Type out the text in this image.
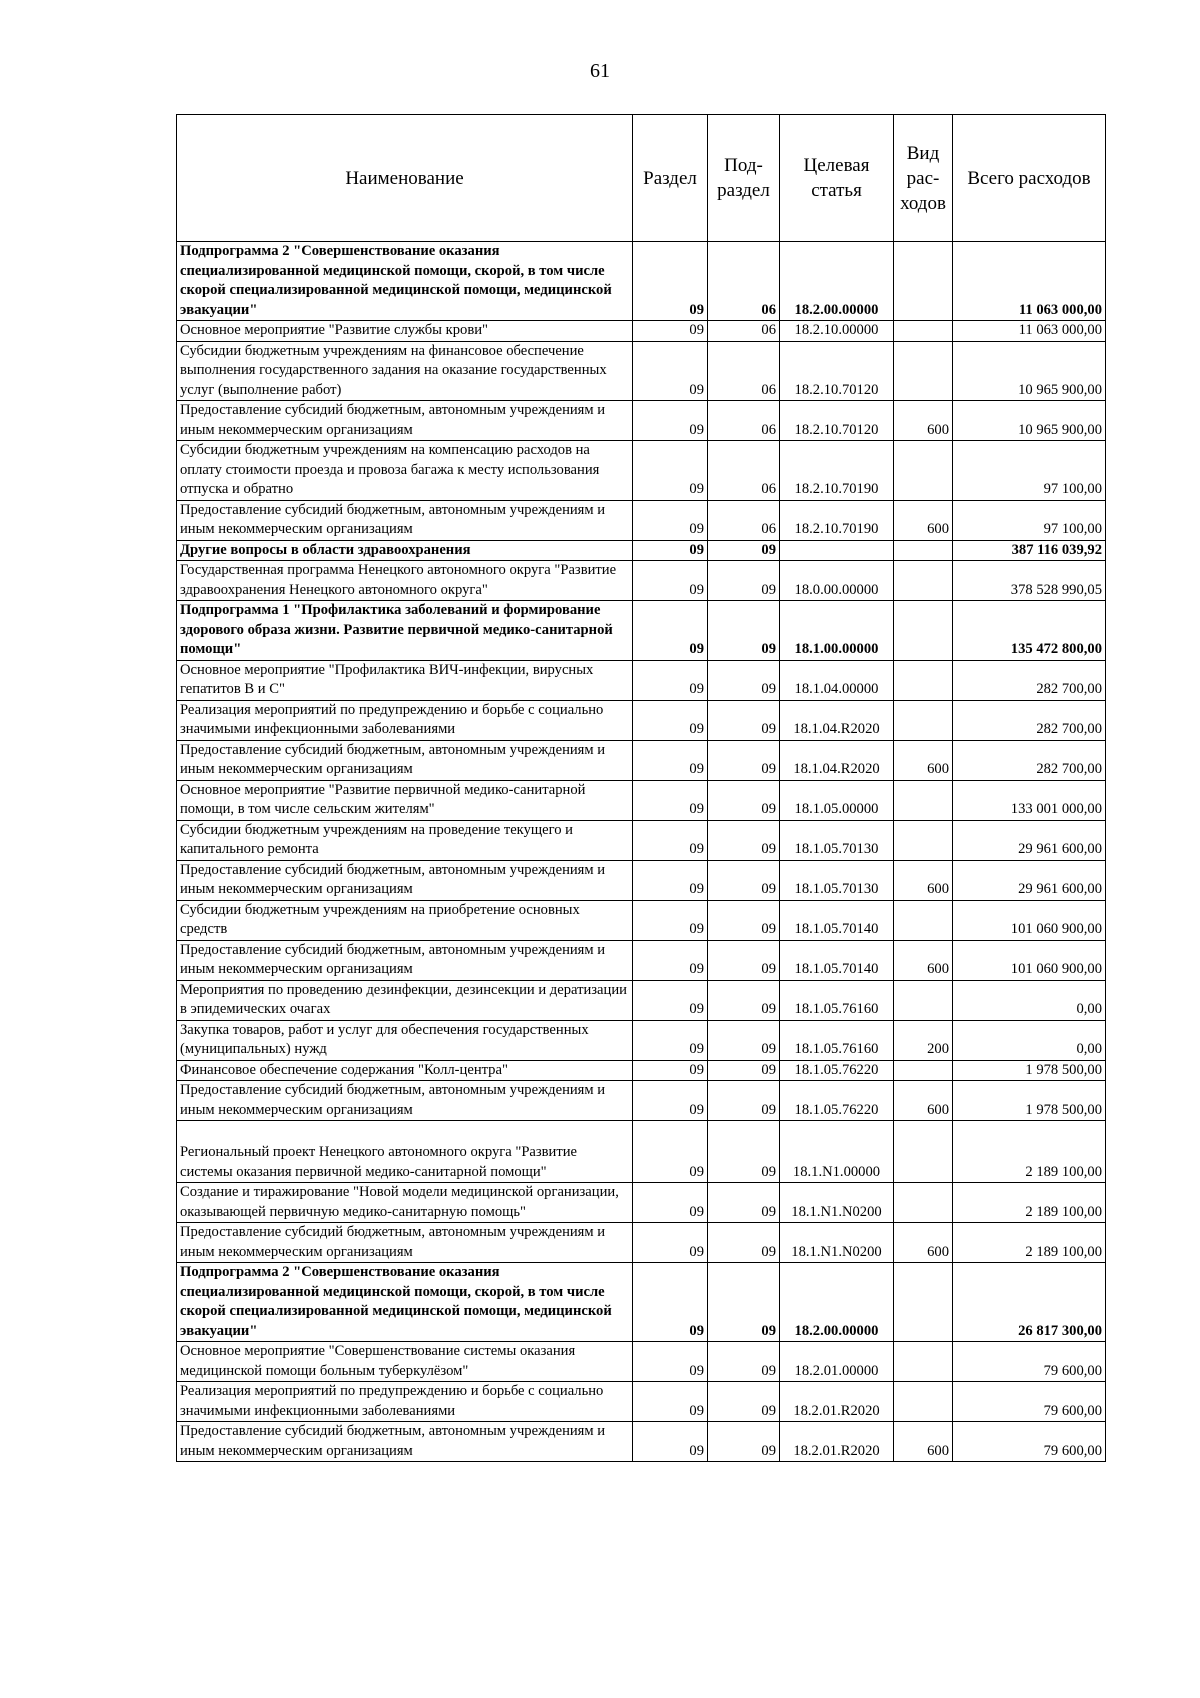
61
Наименование	Раздел	Под-раздел	Целевая статья	Вид рас-ходов	Всего расходов
Подпрограмма 2 "Совершенствование оказания специализированной медицинской помощи, скорой, в том числе скорой специализированной медицинской помощи, медицинской эвакуации"	09	06	18.2.00.00000		11 063 000,00
Основное мероприятие "Развитие службы крови"	09	06	18.2.10.00000		11 063 000,00
Субсидии бюджетным учреждениям на финансовое обеспечение выполнения государственного задания на оказание государственных услуг (выполнение работ)	09	06	18.2.10.70120		10 965 900,00
Предоставление субсидий бюджетным, автономным учреждениям и иным некоммерческим организациям	09	06	18.2.10.70120	600	10 965 900,00
Субсидии бюджетным учреждениям на компенсацию расходов на оплату стоимости проезда и провоза багажа к месту использования отпуска и обратно	09	06	18.2.10.70190		97 100,00
Предоставление субсидий бюджетным, автономным учреждениям и иным некоммерческим организациям	09	06	18.2.10.70190	600	97 100,00
Другие вопросы в области здравоохранения	09	09			387 116 039,92
Государственная программа Ненецкого автономного округа "Развитие здравоохранения Ненецкого автономного округа"	09	09	18.0.00.00000		378 528 990,05
Подпрограмма 1 "Профилактика заболеваний и формирование здорового образа жизни. Развитие первичной медико-санитарной помощи"	09	09	18.1.00.00000		135 472 800,00
Основное мероприятие "Профилактика ВИЧ-инфекции, вирусных гепатитов В и С"	09	09	18.1.04.00000		282 700,00
Реализация мероприятий по предупреждению и борьбе с социально значимыми инфекционными заболеваниями	09	09	18.1.04.R2020		282 700,00
Предоставление субсидий бюджетным, автономным учреждениям и иным некоммерческим организациям	09	09	18.1.04.R2020	600	282 700,00
Основное мероприятие "Развитие первичной медико-санитарной помощи, в том числе сельским жителям"	09	09	18.1.05.00000		133 001 000,00
Субсидии бюджетным учреждениям на проведение текущего и капитального ремонта	09	09	18.1.05.70130		29 961 600,00
Предоставление субсидий бюджетным, автономным учреждениям и иным некоммерческим организациям	09	09	18.1.05.70130	600	29 961 600,00
Субсидии бюджетным учреждениям на приобретение основных средств	09	09	18.1.05.70140		101 060 900,00
Предоставление субсидий бюджетным, автономным учреждениям и иным некоммерческим организациям	09	09	18.1.05.70140	600	101 060 900,00
Мероприятия по проведению дезинфекции, дезинсекции и дератизации в эпидемических очагах	09	09	18.1.05.76160		0,00
Закупка товаров, работ и услуг для обеспечения государственных (муниципальных) нужд	09	09	18.1.05.76160	200	0,00
Финансовое обеспечение содержания "Колл-центра"	09	09	18.1.05.76220		1 978 500,00
Предоставление субсидий бюджетным, автономным учреждениям и иным некоммерческим организациям	09	09	18.1.05.76220	600	1 978 500,00
Региональный проект Ненецкого автономного округа "Развитие системы оказания первичной медико-санитарной помощи"	09	09	18.1.N1.00000		2 189 100,00
Создание и тиражирование "Новой модели медицинской организации, оказывающей первичную медико-санитарную помощь"	09	09	18.1.N1.N0200		2 189 100,00
Предоставление субсидий бюджетным, автономным учреждениям и иным некоммерческим организациям	09	09	18.1.N1.N0200	600	2 189 100,00
Подпрограмма 2 "Совершенствование оказания специализированной медицинской помощи, скорой, в том числе скорой специализированной медицинской помощи, медицинской эвакуации"	09	09	18.2.00.00000		26 817 300,00
Основное мероприятие "Совершенствование системы оказания медицинской помощи больным туберкулёзом"	09	09	18.2.01.00000		79 600,00
Реализация мероприятий по предупреждению и борьбе с социально значимыми инфекционными заболеваниями	09	09	18.2.01.R2020		79 600,00
Предоставление субсидий бюджетным, автономным учреждениям и иным некоммерческим организациям	09	09	18.2.01.R2020	600	79 600,00
